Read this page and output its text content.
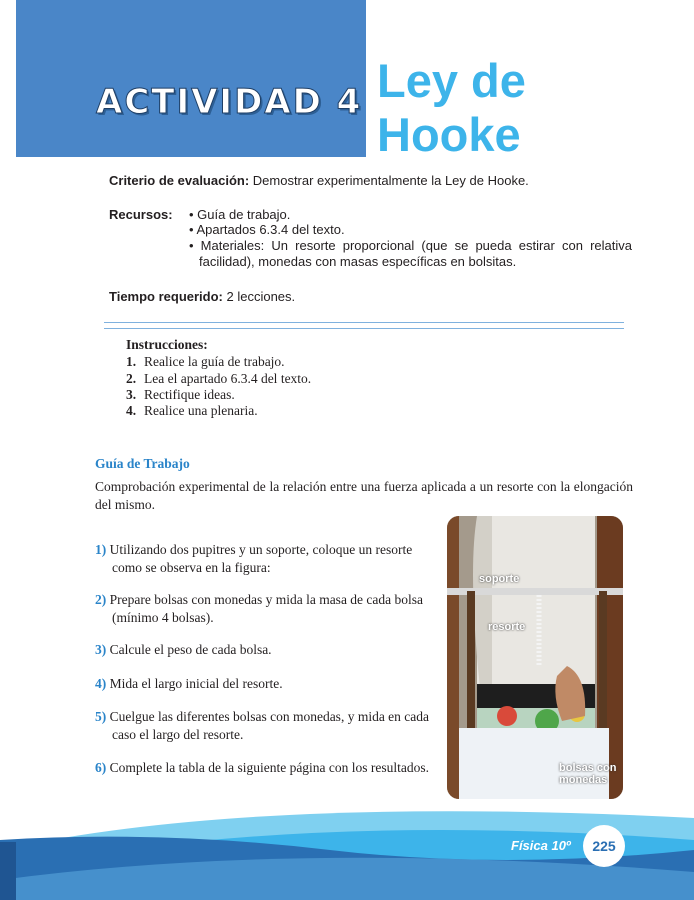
ACTIVIDAD 4 Ley de
Hooke
Criterio de evaluación: Demostrar experimentalmente la Ley de Hooke.
Recursos: • Guía de trabajo.
• Apartados 6.3.4 del texto.
• Materiales: Un resorte proporcional (que se pueda estirar con relativa
facilidad), monedas con masas específicas en bolsitas.
Tiempo requerido: 2 lecciones.
Instrucciones:
1. Realice la guía de trabajo.
2. Lea el apartado 6.3.4 del texto.
3. Rectifique ideas.
4. Realice una plenaria.
Guía de Trabajo
Comprobación experimental de la relación entre una fuerza aplicada a un resorte con la elongación del mismo.
1) Utilizando dos pupitres y un soporte, coloque un resorte
como se observa en la figura:
2) Prepare bolsas con monedas y mida la masa de cada bolsa
(mínimo 4 bolsas).
3) Calcule el peso de cada bolsa.
4) Mida el largo inicial del resorte.
5) Cuelgue las diferentes bolsas con monedas, y mida en cada
caso el largo del resorte.
6) Complete la tabla de la siguiente página con los resultados.
soporte
resorte
bolsas con
monedas
Física 10º	225
